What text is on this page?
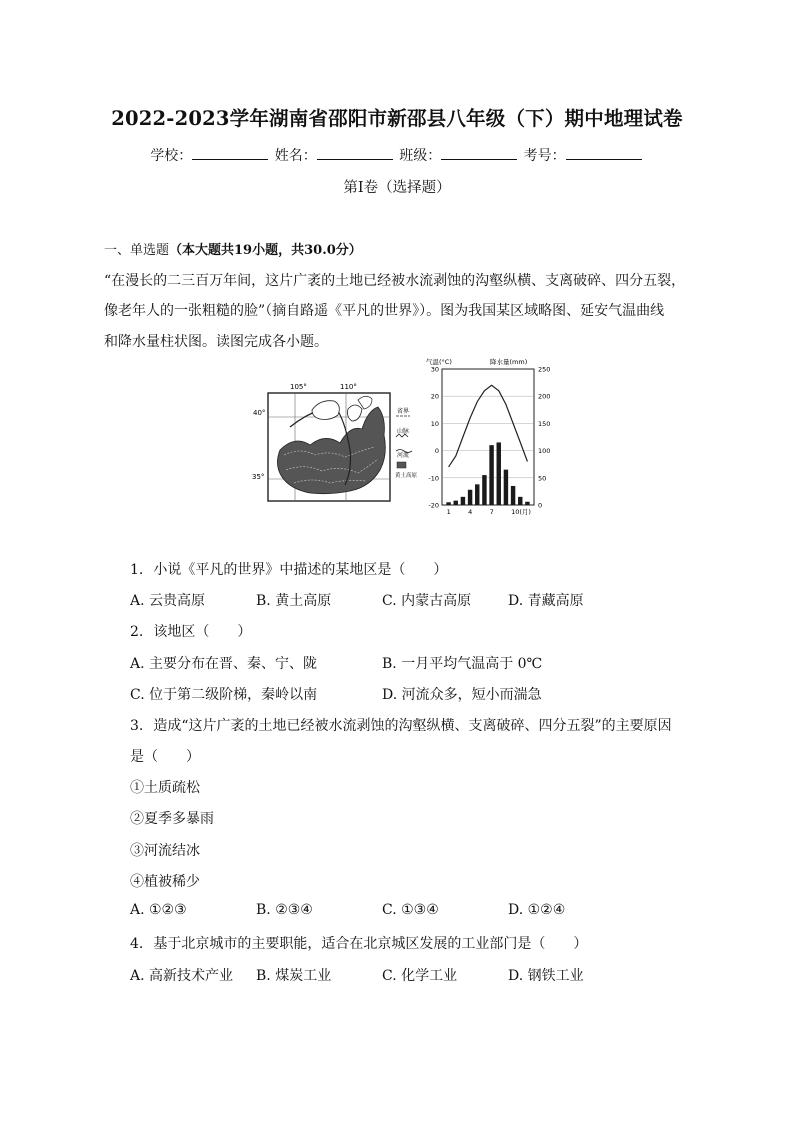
2022-2023学年湖南省邵阳市新邵县八年级（下）期中地理试卷
学校：	姓名：	班级：	考号：
第I卷（选择题）
一、单选题（本大题共19小题，共30.0分）
“在漫长的二三百万年间，这片广袤的土地已经被水流剥蚀的沟壑纵横、支离破碎、四分五裂，
像老年人的一张粗糙的脸”（摘自路遥《平凡的世界》）。图为我国某区域略图、延安气温曲线
和降水量柱状图。读图完成各小题。
105°	110°
40°
35°
省界
山脉
河流
黄土高原
气温(°C)	降水量(mm)
30
20
10
0
-10
-20
250
200
150
100
50
0
1	4	7	10(月)
1. 小说《平凡的世界》中描述的某地区是（　　）
A. 云贵高原	B. 黄土高原	C. 内蒙古高原	D. 青藏高原
2. 该地区（　　）
A. 主要分布在晋、秦、宁、陇	B. 一月平均气温高于 0℃
C. 位于第二级阶梯，秦岭以南	D. 河流众多，短小而湍急
3. 造成“这片广袤的土地已经被水流剥蚀的沟壑纵横、支离破碎、四分五裂”的主要原因
是（　　）
①土质疏松
②夏季多暴雨
③河流结冰
④植被稀少
A. ①②③	B. ②③④	C. ①③④	D. ①②④
4. 基于北京城市的主要职能，适合在北京城区发展的工业部门是（　　）
A. 高新技术产业 B. 煤炭工业	C. 化学工业	D. 钢铁工业
